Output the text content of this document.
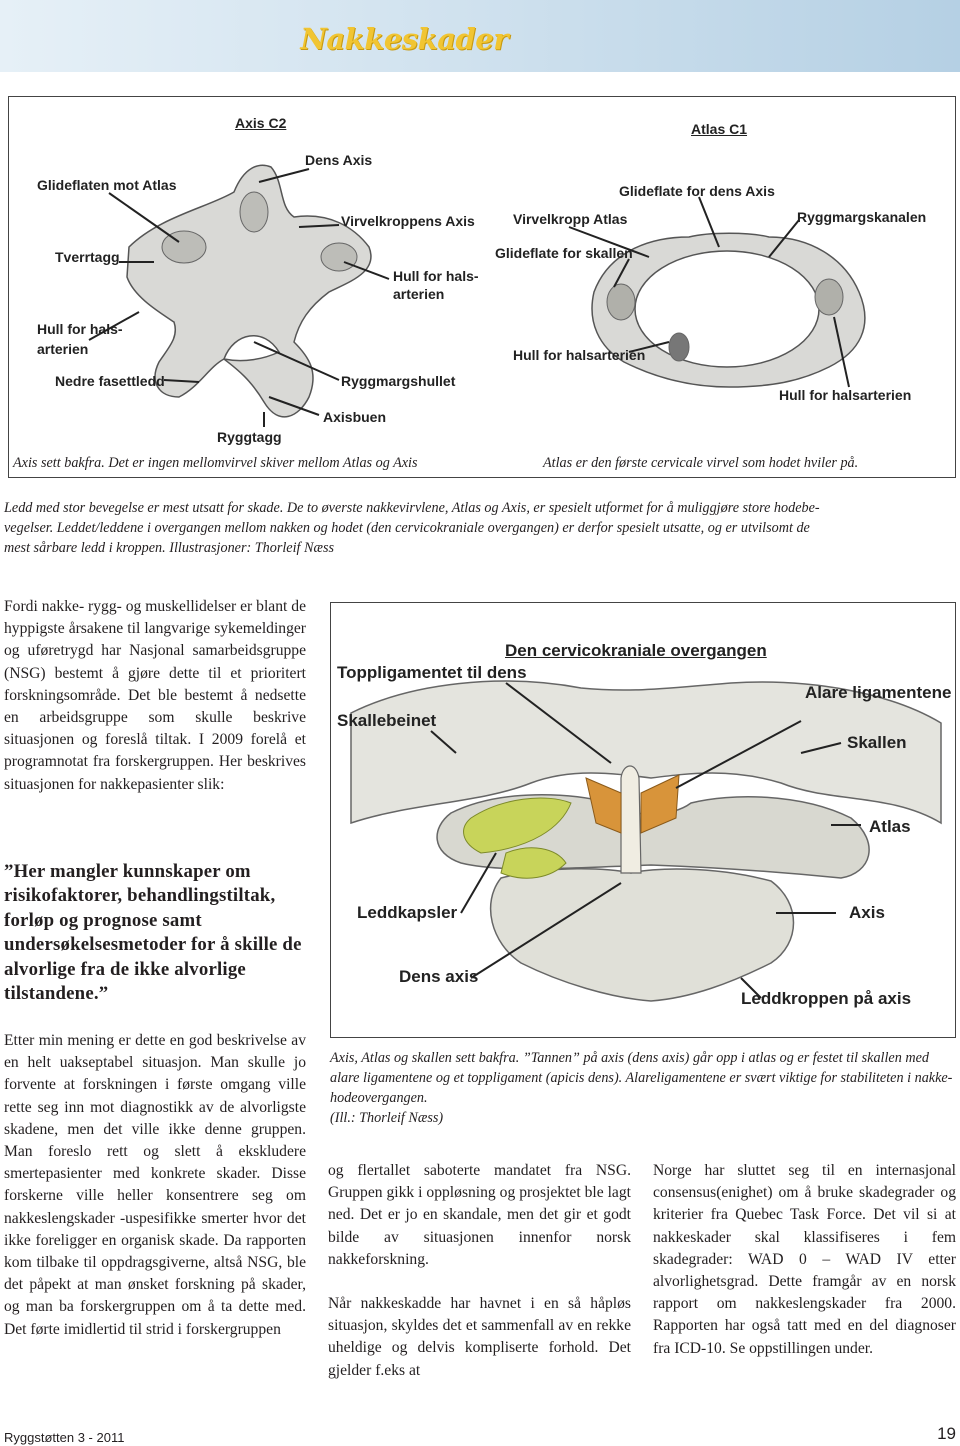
Nakkeskader
Axis C2	Atlas C1
Glideflaten mot Atlas
Dens Axis
Virvelkroppens Axis
Tverrtagg
Hull for hals-
arterien
Hull for hals-
arterien
Nedre fasettledd	Ryggmargshullet
Axisbuen
Ryggtagg
Glideflate for dens Axis
Virvelkropp Atlas	Ryggmargskanalen
Glideflate for skallen
Hull for halsarterien
Hull for halsarterien
Axis sett bakfra. Det er ingen mellomvirvel skiver mellom Atlas og Axis	Atlas er den første cervicale virvel som hodet hviler på.
Ledd med stor bevegelse er mest utsatt for skade. De to øverste nakkevirvlene, Atlas og Axis, er spesielt utformet for å muliggjøre store hodebe-
vegelser. Leddet/leddene i overgangen mellom nakken og hodet (den cervicokraniale overgangen) er derfor spesielt utsatte, og er utvilsomt de
mest sårbare ledd i kroppen. Illustrasjoner: Thorleif Næss

Fordi nakke- rygg- og muskellidelser er blant de hyppigste årsakene til langvarige sykemeldinger og uføretrygd har Nasjonal samarbeidsgruppe (NSG) bestemt å gjøre dette til et prioritert forskningsområde. Det ble bestemt å nedsette en arbeidsgruppe som skulle beskrive situasjonen og foreslå tiltak. I 2009 forelå et programnotat fra forskergruppen. Her beskrives situasjonen for nakkepasienter slik:

”Her mangler kunnskaper om risikofaktorer, behandlingstiltak, forløp og prognose samt undersøkelsesmetoder for å skille de alvorlige fra de ikke alvorlige tilstandene.”

Etter min mening er dette en god beskrivelse av en helt uakseptabel situasjon. Man skulle jo forvente at forskningen i første omgang ville rette seg inn mot diagnostikk av de alvorligste skadene, men det ville ikke denne gruppen. Man foreslo rett og slett å ekskludere smertepasienter med konkrete skader. Disse forskerne ville heller konsentrere seg om nakkeslengskader -uspesifikke smerter hvor det ikke foreligger en organisk skade. Da rapporten kom tilbake til oppdragsgiverne, altså NSG, ble det påpekt at man ønsket forskning på skader, og man ba forskergruppen om å ta dette med. Det førte imidlertid til strid i forskergruppen

Den cervicokraniale overgangen
Toppligamentet til dens
Alare ligamentene
Skallebeinet
Skallen
Atlas
Leddkapsler	Axis
Dens axis
Leddkroppen på axis
Axis, Atlas og skallen sett bakfra. ”Tannen” på axis (dens axis) går opp i atlas og er festet til skallen med alare ligamentene og et toppligament (apicis dens). Alareligamentene er svært viktige for stabiliteten i nakke- hodeovergangen.
(Ill.: Thorleif Næss)

og flertallet saboterte mandatet fra NSG. Gruppen gikk i oppløsning og prosjektet ble lagt ned. Det er jo en skandale, men det gir et godt bilde av situasjonen innenfor norsk nakkeforskning.

Når nakkeskadde har havnet i en så håpløs situasjon, skyldes det et sammenfall av en rekke uheldige og delvis kompliserte forhold. Det gjelder f.eks at

Norge har sluttet seg til en internasjonal consensus(enighet) om å bruke skadegrader og kriterier fra Quebec Task Force. Det vil si at nakkeskader skal klassifiseres i fem skadegrader: WAD 0 – WAD IV etter alvorlighetsgrad. Dette framgår av en norsk rapport om nakkeslengskader fra 2000. Rapporten har også tatt med en del diagnoser fra ICD-10. Se oppstillingen under.

Ryggstøtten 3 - 2011	19
